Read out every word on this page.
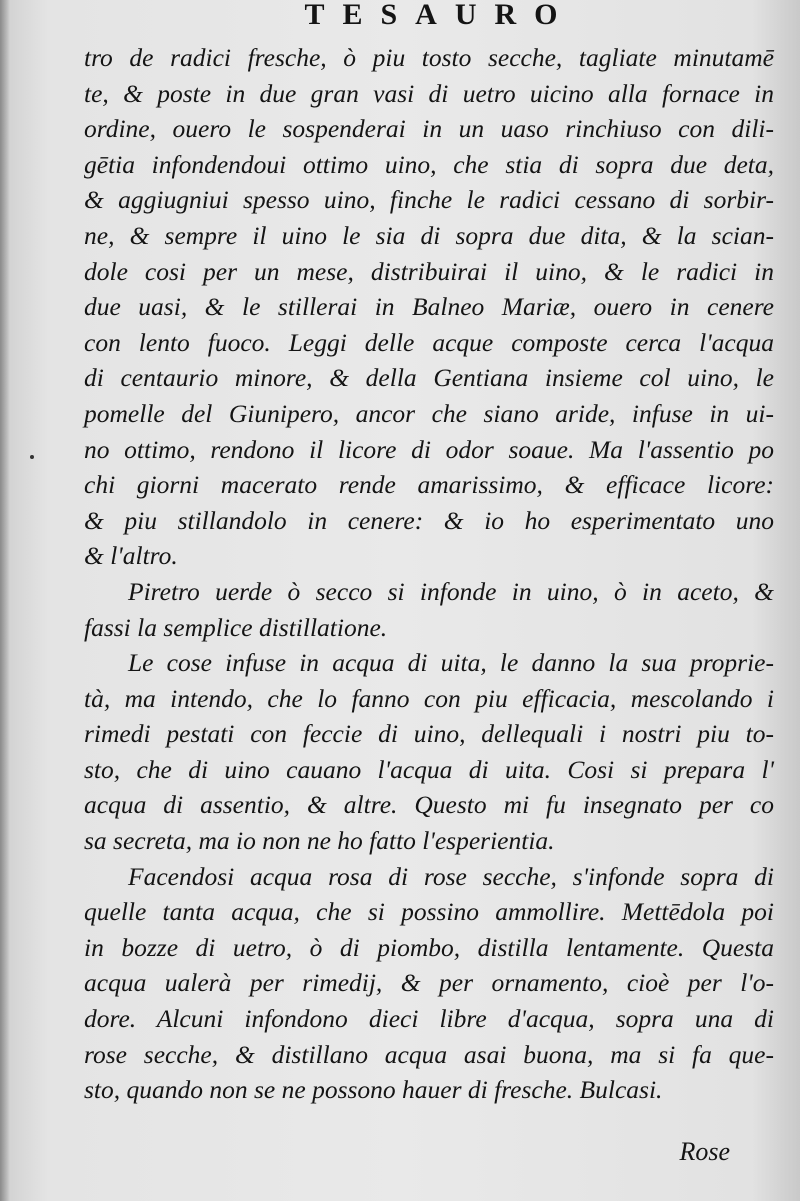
TESAURO
tro de radici fresche, ò piu tosto secche, tagliate minutamē
te, & poste in due gran vasi di uetro uicino alla fornace in
ordine, ouero le sospenderai in un uaso rinchiuso con dili-
gētia infondendoui ottimo uino, che stia di sopra due deta,
& aggiugniui spesso uino, finche le radici cessano di sorbir-
ne, & sempre il uino le sia di sopra due dita, & la scian-
dole cosi per un mese, distribuirai il uino, & le radici in
due uasi, & le stillerai in Balneo Mariæ, ouero in cenere
con lento fuoco. Leggi delle acque composte cerca l'acqua
di centaurio minore, & della Gentiana insieme col uino, le
pomelle del Giunipero, ancor che siano aride, infuse in ui-
no ottimo, rendono il licore di odor soaue. Ma l'assentio po
chi giorni macerato rende amarissimo, & efficace licore:
& piu stillandolo in cenere: & io ho esperimentato uno
& l'altro.
Piretro uerde ò secco si infonde in uino, ò in aceto, &
fassi la semplice distillatione.
Le cose infuse in acqua di uita, le danno la sua proprie-
tà, ma intendo, che lo fanno con piu efficacia, mescolando i
rimedi pestati con feccie di uino, dellequali i nostri piu to-
sto, che di uino cauano l'acqua di uita. Cosi si prepara l'
acqua di assentio, & altre. Questo mi fu insegnato per co
sa secreta, ma io non ne ho fatto l'esperientia.
Facendosi acqua rosa di rose secche, s'infonde sopra di
quelle tanta acqua, che si possino ammollire. Mettēdola poi
in bozze di uetro, ò di piombo, distilla lentamente. Questa
acqua ualerà per rimedij, & per ornamento, cioè per l'o-
dore. Alcuni infondono dieci libre d'acqua, sopra una di
rose secche, & distillano acqua asai buona, ma si fa que-
sto, quando non se ne possono hauer di fresche. Bulcasi.
Rose
